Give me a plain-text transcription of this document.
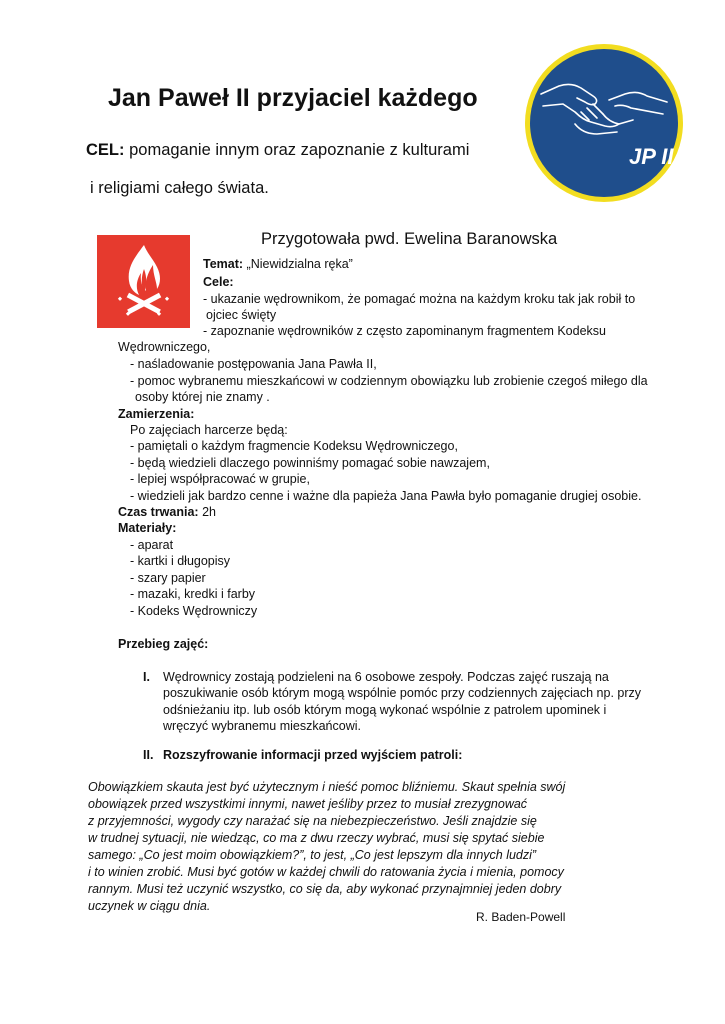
Jan Paweł II przyjaciel każdego
CEL: pomaganie innym oraz zapoznanie z kulturami
i religiami całego świata.
JP II
Przygotowała pwd. Ewelina Baranowska
Temat: „Niewidzialna ręka”
Cele:
- ukazanie wędrownikom, że pomagać można na każdym kroku tak jak robił to
ojciec święty
- zapoznanie wędrowników z często zapominanym fragmentem Kodeksu
Wędrowniczego,
- naśladowanie postępowania Jana Pawła II,
- pomoc wybranemu mieszkańcowi w codziennym obowiązku lub zrobienie czegoś miłego dla
osoby której nie znamy .
Zamierzenia:
Po zajęciach harcerze będą:
- pamiętali o każdym fragmencie Kodeksu Wędrowniczego,
- będą wiedzieli dlaczego powinniśmy pomagać sobie nawzajem,
- lepiej współpracować w grupie,
- wiedzieli jak bardzo cenne i ważne dla papieża Jana Pawła było pomaganie drugiej osobie.
Czas trwania: 2h
Materiały:
- aparat
- kartki i długopisy
- szary papier
- mazaki, kredki i farby
- Kodeks Wędrowniczy
Przebieg zajęć:
I. Wędrownicy zostają podzieleni na 6 osobowe zespoły. Podczas zajęć ruszają na
poszukiwanie osób którym mogą wspólnie pomóc przy codziennych zajęciach np. przy
odśnieżaniu itp. lub osób którym mogą wykonać wspólnie z patrolem upominek i
wręczyć wybranemu mieszkańcowi.
II. Rozszyfrowanie informacji przed wyjściem patroli:
Obowiązkiem skauta jest być użytecznym i nieść pomoc bliźniemu. Skaut spełnia swój
obowiązek przed wszystkimi innymi, nawet jeśliby przez to musiał zrezygnować
z przyjemności, wygody czy narażać się na niebezpieczeństwo. Jeśli znajdzie się
w trudnej sytuacji, nie wiedząc, co ma z dwu rzeczy wybrać, musi się spytać siebie
samego: „Co jest moim obowiązkiem?”, to jest, „Co jest lepszym dla innych ludzi”
i to winien zrobić. Musi być gotów w każdej chwili do ratowania życia i mienia, pomocy
rannym. Musi też uczynić wszystko, co się da, aby wykonać przynajmniej jeden dobry
uczynek w ciągu dnia.
R. Baden-Powell
